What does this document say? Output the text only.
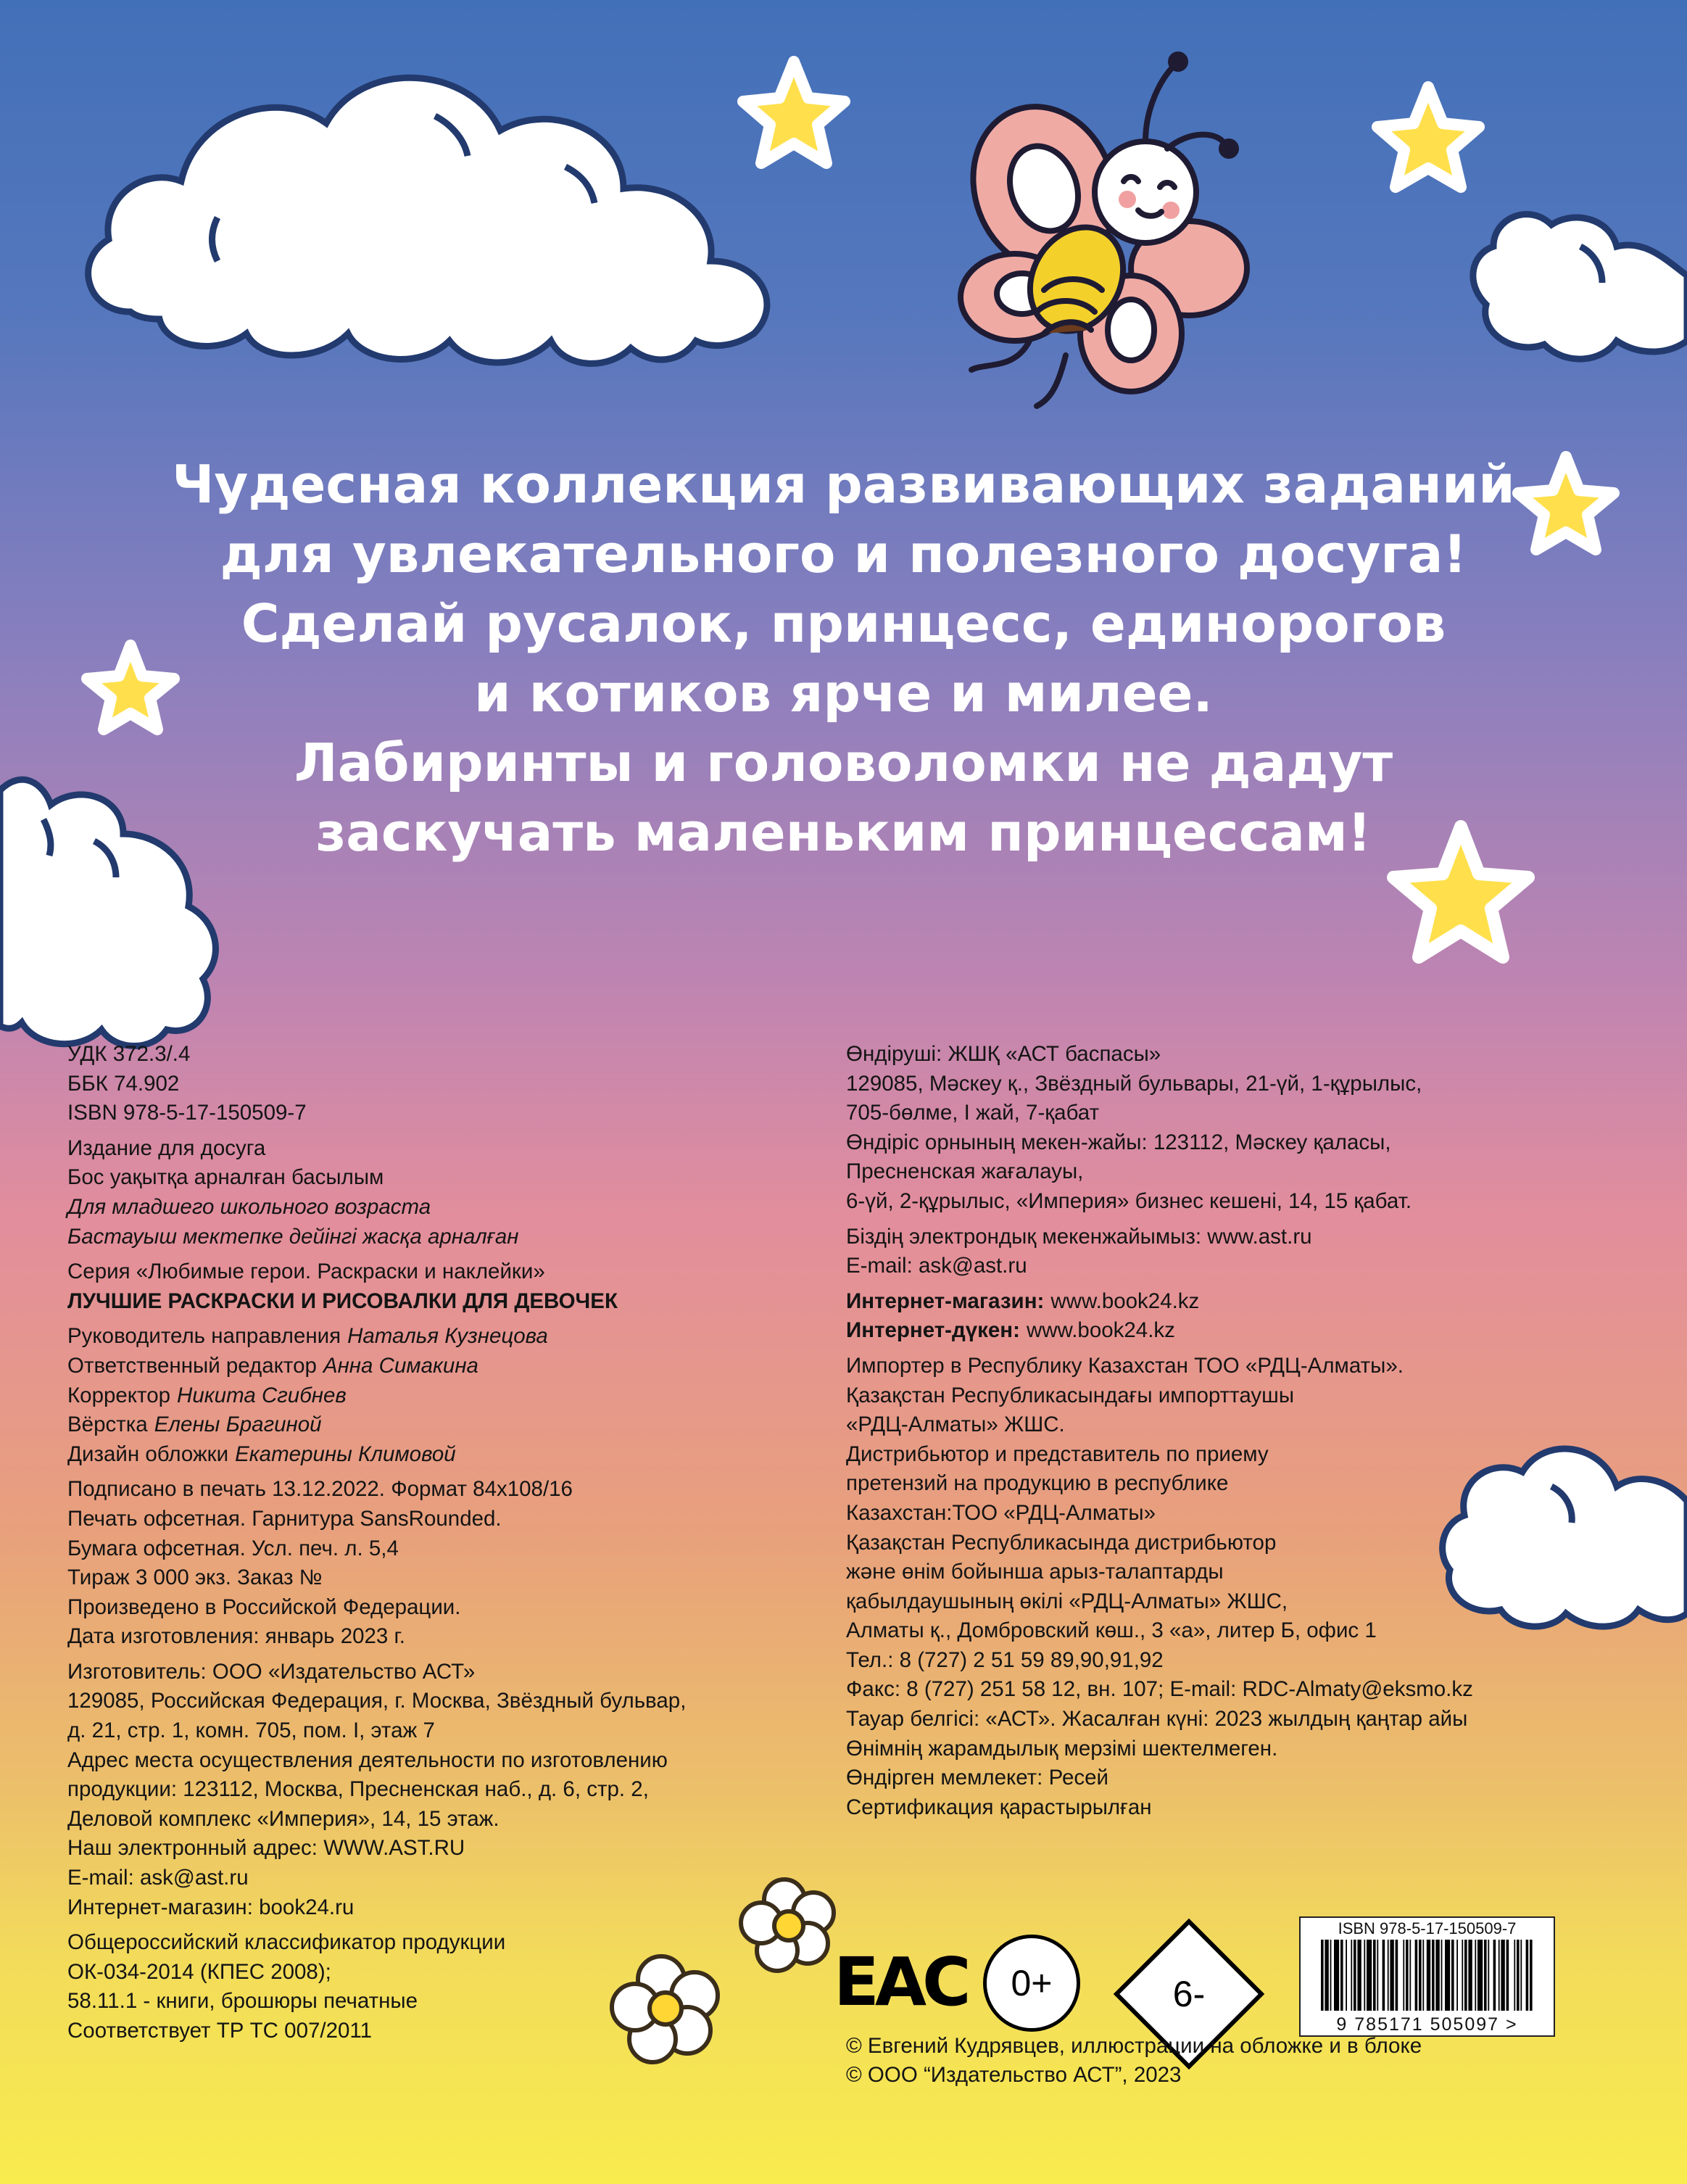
Чудесная коллекция развивающих заданий
для увлекательного и полезного досуга!
Сделай русалок, принцесс, единорогов
и котиков ярче и милее.
Лабиринты и головоломки не дадут
заскучать маленьким принцессам!
УДК 372.3/.4
ББК 74.902
ISBN 978-5-17-150509-7
Издание для досуга
Бос уақытқа арналған басылым
Для младшего школьного возраста
Бастауыш мектепке дейінгі жасқа арналған
Серия «Любимые герои. Раскраски и наклейки»
ЛУЧШИЕ РАСКРАСКИ И РИСОВАЛКИ ДЛЯ ДЕВОЧЕК
Руководитель направления Наталья Кузнецова
Ответственный редактор Анна Симакина
Корректор Никита Сгибнев
Вёрстка Елены Брагиной
Дизайн обложки Екатерины Климовой
Подписано в печать 13.12.2022. Формат 84x108/16
Печать офсетная. Гарнитура SansRounded.
Бумага офсетная. Усл. печ. л. 5,4
Тираж 3 000 экз. Заказ №
Произведено в Российской Федерации.
Дата изготовления: январь 2023 г.
Изготовитель: ООО «Издательство АСТ»
129085, Российская Федерация, г. Москва, Звёздный бульвар,
д. 21, стр. 1, комн. 705, пом. I, этаж 7
Адрес места осуществления деятельности по изготовлению
продукции: 123112, Москва, Пресненская наб., д. 6, стр. 2,
Деловой комплекс «Империя», 14, 15 этаж.
Наш электронный адрес: WWW.AST.RU
E-mail: ask@ast.ru
Интернет-магазин: book24.ru
Общероссийский классификатор продукции
ОК-034-2014 (КПЕС 2008);
58.11.1 - книги, брошюры печатные
Соответствует ТР ТС 007/2011
Өндіруші: ЖШҚ «АСТ баспасы»
129085, Мәскеу қ., Звёздный бульвары, 21-үй, 1-құрылыс,
705-бөлме, I жай, 7-қабат
Өндіріс орнының мекен-жайы: 123112, Мәскеу қаласы,
Пресненская жағалауы,
6-үй, 2-құрылыс, «Империя» бизнес кешені, 14, 15 қабат.
Біздің электрондық мекенжайымыз: www.ast.ru
E-mail: ask@ast.ru
Интернет-магазин: www.book24.kz
Интернет-дүкен: www.book24.kz
Импортер в Республику Казахстан ТОО «РДЦ-Алматы».
Қазақстан Республикасындағы импорттаушы
«РДЦ-Алматы» ЖШС.
Дистрибьютор и представитель по приему
претензий на продукцию в республике
Казахстан:ТОО «РДЦ-Алматы»
Қазақстан Республикасында дистрибьютор
және өнім бойынша арыз-талаптарды
қабылдаушының өкілі «РДЦ-Алматы» ЖШС,
Алматы қ., Домбровский көш., 3 «а», литер Б, офис 1
Тел.: 8 (727) 2 51 59 89,90,91,92
Факс: 8 (727) 251 58 12, вн. 107; E-mail: RDC-Almaty@eksmo.kz
Тауар белгісі: «АСТ». Жасалған күні: 2023 жылдың қаңтар айы
Өнімнің жарамдылық мерзімі шектелмеген.
Өндірген мемлекет: Ресей
Сертификация қарастырылған
EAC	0+	6-
ISBN 978-5-17-150509-7
9 785171 505097 >
© Евгений Кудрявцев, иллюстрации на обложке и в блоке
© ООО “Издательство АСТ”, 2023
